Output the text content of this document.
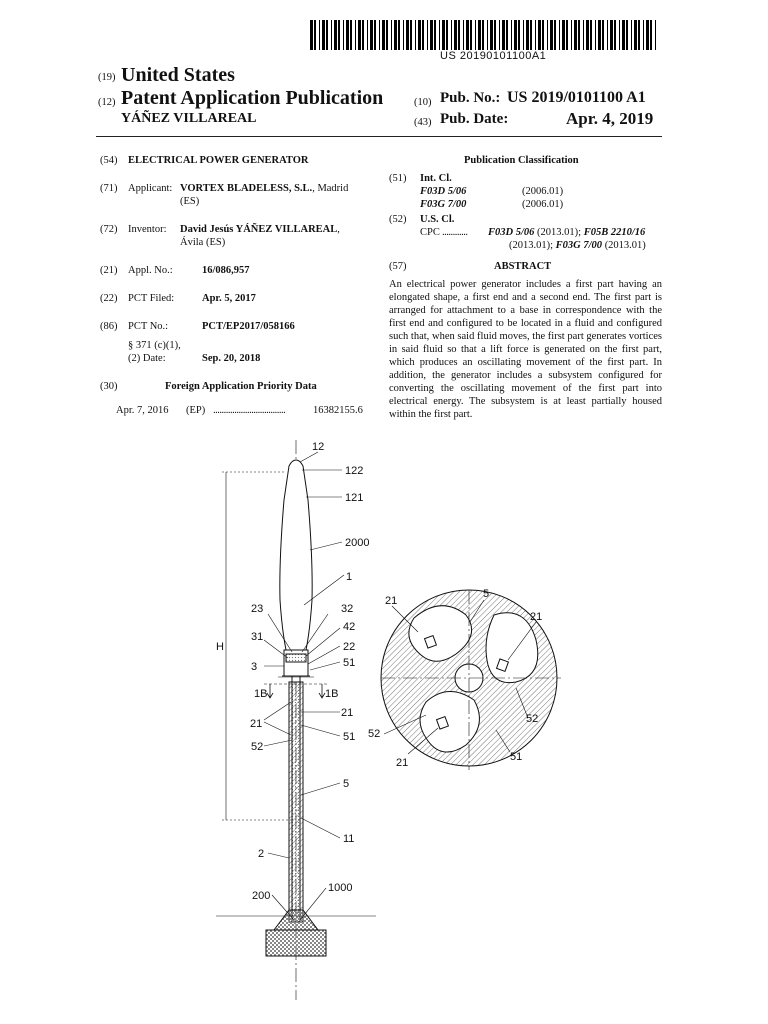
US 20190101100A1
(19) United States
(12) Patent Application Publication
YÁÑEZ VILLAREAL
(10) Pub. No.: US 2019/0101100 A1
(43) Pub. Date:	Apr. 4, 2019
(54) ELECTRICAL POWER GENERATOR
(71) Applicant: VORTEX BLADELESS, S.L., Madrid
(ES)
(72) Inventor: David Jesús YÁÑEZ VILLAREAL,
Ávila (ES)
(21) Appl. No.:	16/086,957
(22) PCT Filed:	Apr. 5, 2017
(86) PCT No.:	PCT/EP2017/058166
§ 371 (c)(1),
(2) Date:	Sep. 20, 2018
(30)	Foreign Application Priority Data
Apr. 7, 2016 (EP) ..................................	16382155.6
Publication Classification
(51) Int. Cl.
F03D 5/06	(2006.01)
F03G 7/00	(2006.01)
(52) U.S. Cl.
CPC ............ F03D 5/06 (2013.01); F05B 2210/16
(2013.01); F03G 7/00 (2013.01)
(57)	ABSTRACT
An electrical power generator includes a first part having an elongated shape, a first end and a second end. The first part is arranged for attachment to a base in correspondence with the first end and configured to be located in a fluid and configured such that, when said fluid moves, the first part generates vortices in said fluid so that a lift force is generated on the first part, which produces an oscillating movement of the first part. In addition, the generator includes a subsystem configured for converting the oscillating movement of the first part into electrical energy. The subsystem is at least partially housed within the first part.
12
122
121
2000
1
23	32
42
31
22
H
3	51
1B	1B
21
21
51
52
5
11
2
200
1000
21
5
21
52
52
21	51
